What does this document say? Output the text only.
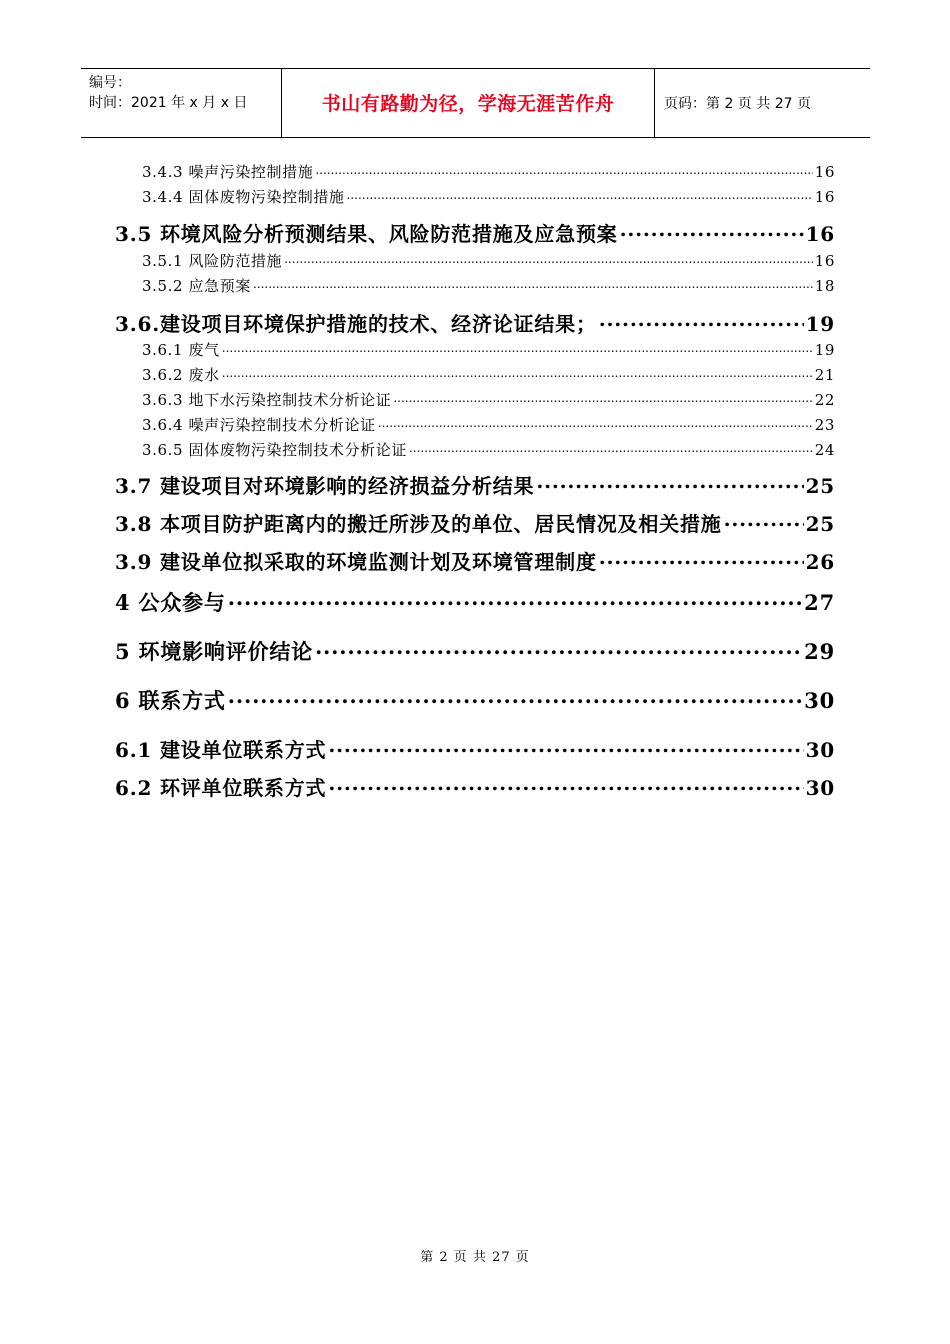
编号：
时间：2021 年 x 月 x 日	书山有路勤为径，学海无涯苦作舟	页码：第 2 页 共 27 页
3.4.3 噪声污染控制措施 .....	16
3.4.4 固体废物污染控制措施 .....	16
3.5 环境风险分析预测结果、风险防范措施及应急预案 .....	16
3.5.1 风险防范措施 .....	16
3.5.2 应急预案 .....	18
3.6.建设项目环境保护措施的技术、经济论证结果； .....	19
3.6.1 废气 .....	19
3.6.2 废水 .....	21
3.6.3 地下水污染控制技术分析论证 .....	22
3.6.4 噪声污染控制技术分析论证 .....	23
3.6.5 固体废物污染控制技术分析论证 .....	24
3.7 建设项目对环境影响的经济损益分析结果 .....	25
3.8 本项目防护距离内的搬迁所涉及的单位、居民情况及相关措施 .....	25
3.9 建设单位拟采取的环境监测计划及环境管理制度 .....	26
4 公众参与 .....	27
5 环境影响评价结论 .....	29
6 联系方式 .....	30
6.1 建设单位联系方式 .....	30
6.2 环评单位联系方式 .....	30
第 2 页 共 27 页
